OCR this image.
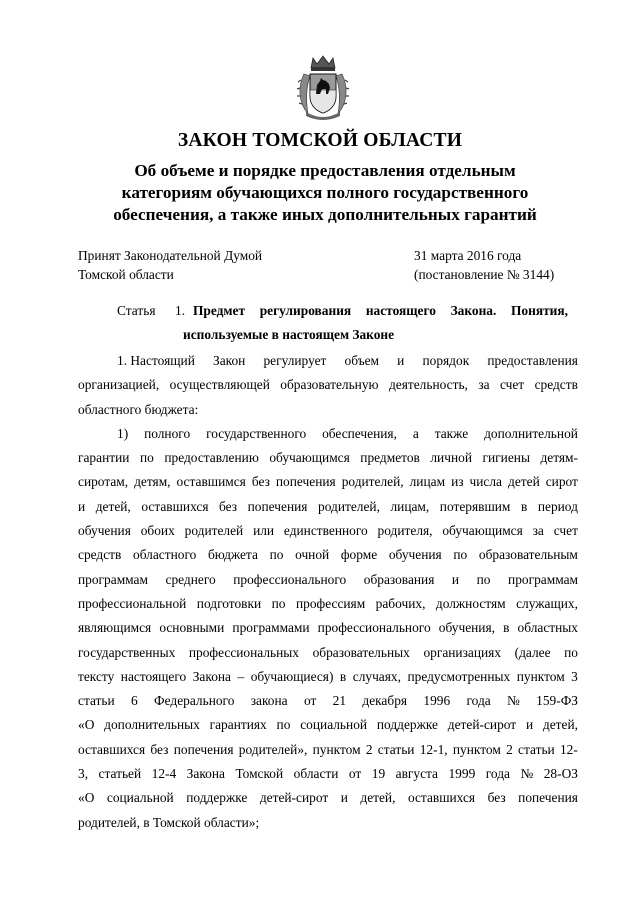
ЗАКОН ТОМСКОЙ ОБЛАСТИ
Об объеме и порядке предоставления отдельным
категориям обучающихся полного государственного
обеспечения, а также иных дополнительных гарантий
Принят Законодательной Думой
Томской области
31 марта 2016 года
(постановление № 3144)
Статья	1. Предмет регулирования настоящего Закона. Понятия,
используемые в настоящем Законе
1. Настоящий Закон регулирует объем и порядок предоставления
организацией, осуществляющей образовательную деятельность, за счет средств
областного бюджета:
1) полного государственного обеспечения, а также дополнительной
гарантии по предоставлению обучающимся предметов личной гигиены детям-
сиротам, детям, оставшимся без попечения родителей, лицам из числа детей сирот
и детей, оставшихся без попечения родителей, лицам, потерявшим в период
обучения обоих родителей или единственного родителя, обучающимся за счет
средств областного бюджета по очной форме обучения по образовательным
программам среднего профессионального образования и по программам
профессиональной подготовки по профессиям рабочих, должностям служащих,
являющимся основными программами профессионального обучения, в областных
государственных профессиональных образовательных организациях (далее по
тексту настоящего Закона – обучающиеся) в случаях, предусмотренных пунктом 3
статьи 6 Федерального закона от 21 декабря 1996 года № 159-ФЗ
«О дополнительных гарантиях по социальной поддержке детей-сирот и детей,
оставшихся без попечения родителей», пунктом 2 статьи 12-1, пунктом 2 статьи 12-
3, статьей 12-4 Закона Томской области от 19 августа 1999 года № 28-ОЗ
«О социальной поддержке детей-сирот и детей, оставшихся без попечения
родителей, в Томской области»;
